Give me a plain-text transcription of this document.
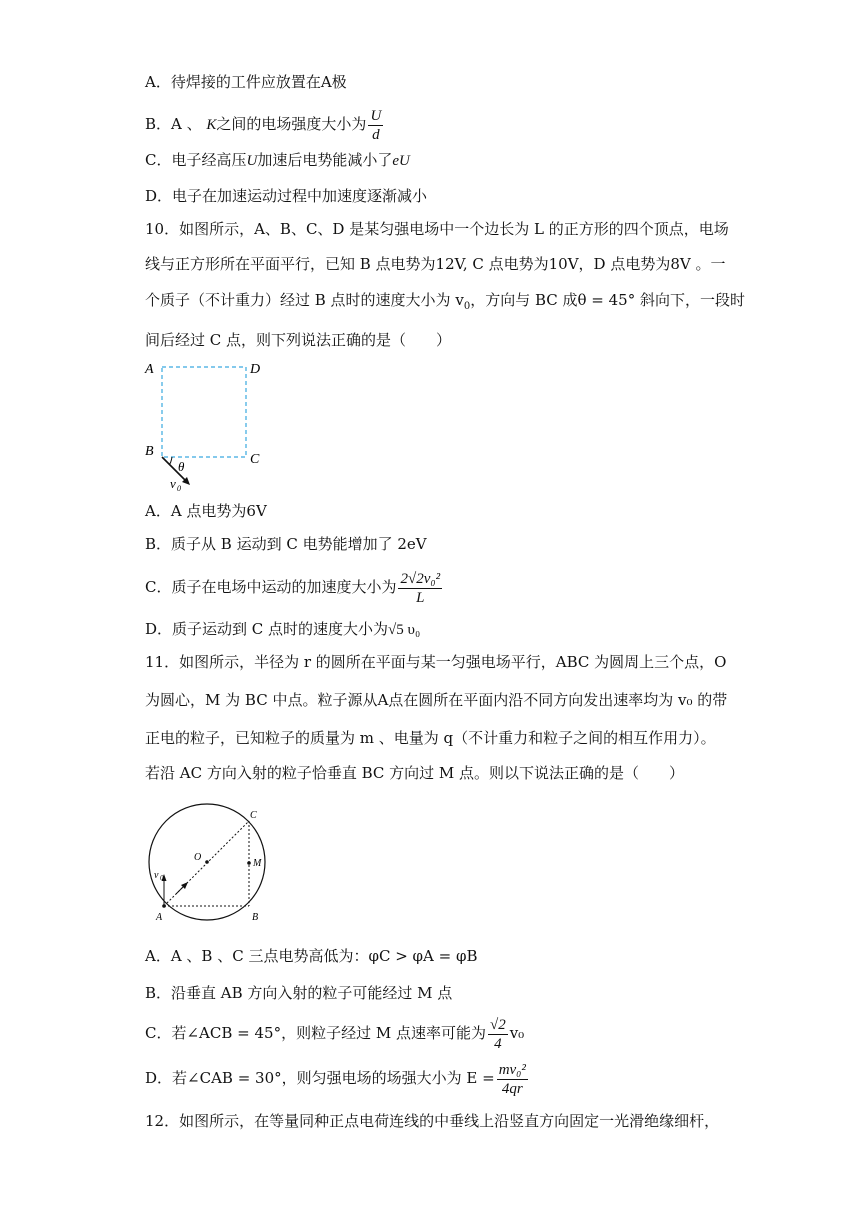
A．待焊接的工件应放置在A极
B．A 、 K之间的电场强度大小为 $\frac{U}{d}$
C．电子经高压U加速后电势能减小了eU
D．电子在加速运动过程中加速度逐渐减小
10．如图所示，A、B、C、D 是某匀强电场中一个边长为 L 的正方形的四个顶点，电场
线与正方形所在平面平行，已知 B 点电势为12V, C 点电势为10V，D 点电势为8V 。一
个质子（不计重力）经过 B 点时的速度大小为 $v_0$，方向与 BC 成θ = 45° 斜向下，一段时
间后经过 C 点，则下列说法正确的是（　　）
A	D
B
C
θ
v 0
A．A 点电势为6V
B．质子从 B 运动到 C 电势能增加了 2eV
C．质子在电场中运动的加速度大小为 $\frac{\text{2√2v₀²}}{L}$
D．质子运动到 C 点时的速度大小为√5 υ₀
11．如图所示，半径为 r 的圆所在平面与某一匀强电场平行，ABC 为圆周上三个点，O
为圆心，M 为 BC 中点。粒子源从A点在圆所在平面内沿不同方向发出速率均为 v₀ 的带
正电的粒子，已知粒子的质量为 m 、电量为 q（不计重力和粒子之间的相互作用力）。
若沿 AC 方向入射的粒子恰垂直 BC 方向过 M 点。则以下说法正确的是（　　）
C
O
M
A	B
v 0
A．A 、B 、C 三点电势高低为：φC > φA = φB
B．沿垂直 AB 方向入射的粒子可能经过 M 点
C．若∠ACB = 45°，则粒子经过 M 点速率可能为 $\frac{√2}{4} v_0$
D．若∠CAB = 30°，则匀强电场的场强大小为 $E = \frac{\text{mv₀²}}{4qr}$
12．如图所示，在等量同种正点电荷连线的中垂线上沿竖直方向固定一光滑绝缘细杆，
